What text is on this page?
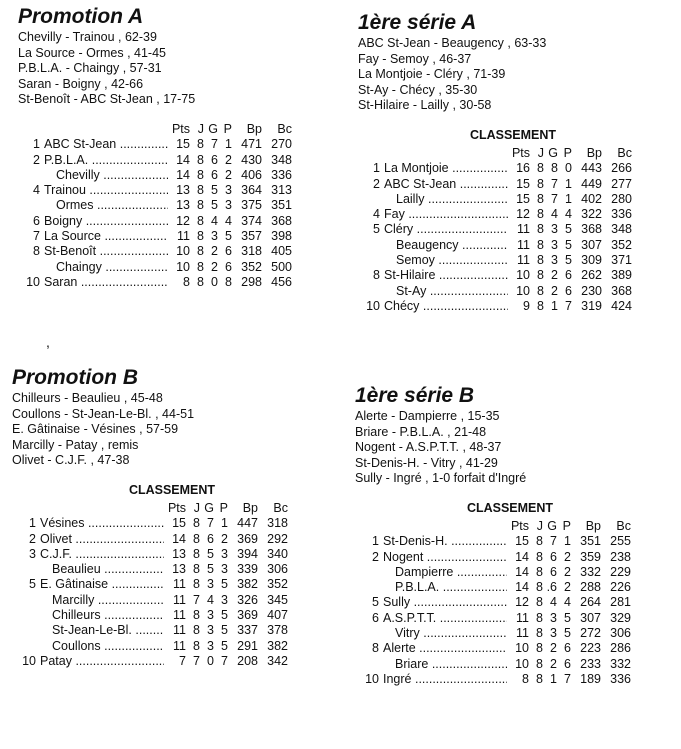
Promotion A
Chevilly - Trainou , 62-39
La Source - Ormes , 41-45
P.B.L.A. - Chaingy , 57-31
Saran - Boigny , 42-66
St-Benoît - ABC St-Jean , 17-75
		Pts	J	G	P	Bp	Bc
1	ABC St-Jean .....	15	8	7	1	471	270
2	P.B.L.A. .....	14	8	6	2	430	348

	Chevilly .....	14	8	6	2	406	336
4	Trainou .....	13	8	5	3	364	313

	Ormes .....	13	8	5	3	375	351
6	Boigny .....	12	8	4	4	374	368
7	La Source .....	11	8	3	5	357	398
8	St-Benoît .....	10	8	2	6	318	405

	Chaingy .....	10	8	2	6	352	500
10	Saran .....	8	8	0	8	298	456
,
Promotion B
Chilleurs - Beaulieu , 45-48
Coullons - St-Jean-Le-Bl. , 44-51
E. Gâtinaise - Vésines , 57-59
Marcilly - Patay , remis
Olivet - C.J.F. , 47-38
CLASSEMENT
		Pts	J	G	P	Bp	Bc
1	Vésines .....	15	8	7	1	447	318
2	Olivet .....	14	8	6	2	369	292
3	C.J.F. .....	13	8	5	3	394	340

	Beaulieu .....	13	8	5	3	339	306
5	E. Gâtinaise .....	11	8	3	5	382	352

	Marcilly .....	11	7	4	3	326	345

	Chilleurs .....	11	8	3	5	369	407

	St-Jean-Le-Bl. .....	11	8	3	5	337	378

	Coullons .....	11	8	3	5	291	382
10	Patay .....	7	7	0	7	208	342
1ère série A
ABC St-Jean - Beaugency , 63-33
Fay - Semoy , 46-37
La Montjoie - Cléry , 71-39
St-Ay - Chécy , 35-30
St-Hilaire - Lailly , 30-58
CLASSEMENT
		Pts	J	G	P	Bp	Bc
1	La Montjoie .....	16	8	8	0	443	266
2	ABC St-Jean .....	15	8	7	1	449	277

	Lailly .....	15	8	7	1	402	280
4	Fay .....	12	8	4	4	322	336
5	Cléry .....	11	8	3	5	368	348

	Beaugency .....	11	8	3	5	307	352

	Semoy .....	11	8	3	5	309	371
8	St-Hilaire .....	10	8	2	6	262	389

	St-Ay .....	10	8	2	6	230	368
10	Chécy .....	9	8	1	7	319	424
1ère série B
Alerte - Dampierre , 15-35
Briare - P.B.L.A. , 21-48
Nogent - A.S.P.T.T. , 48-37
St-Denis-H. - Vitry , 41-29
Sully - Ingré , 1-0 forfait d'Ingré
CLASSEMENT
		Pts	J	G	P	Bp	Bc
1	St-Denis-H. .....	15	8	7	1	351	255
2	Nogent .....	14	8	6	2	359	238

	Dampierre .....	14	8	6	2	332	229

	P.B.L.A. .....	14	8	.6	2	288	226
5	Sully .....	12	8	4	4	264	281
6	A.S.P.T.T. .....	11	8	3	5	307	329

	Vitry .....	11	8	3	5	272	306
8	Alerte .....	10	8	2	6	223	286

	Briare .....	10	8	2	6	233	332
10	Ingré .....	8	8	1	7	189	336
